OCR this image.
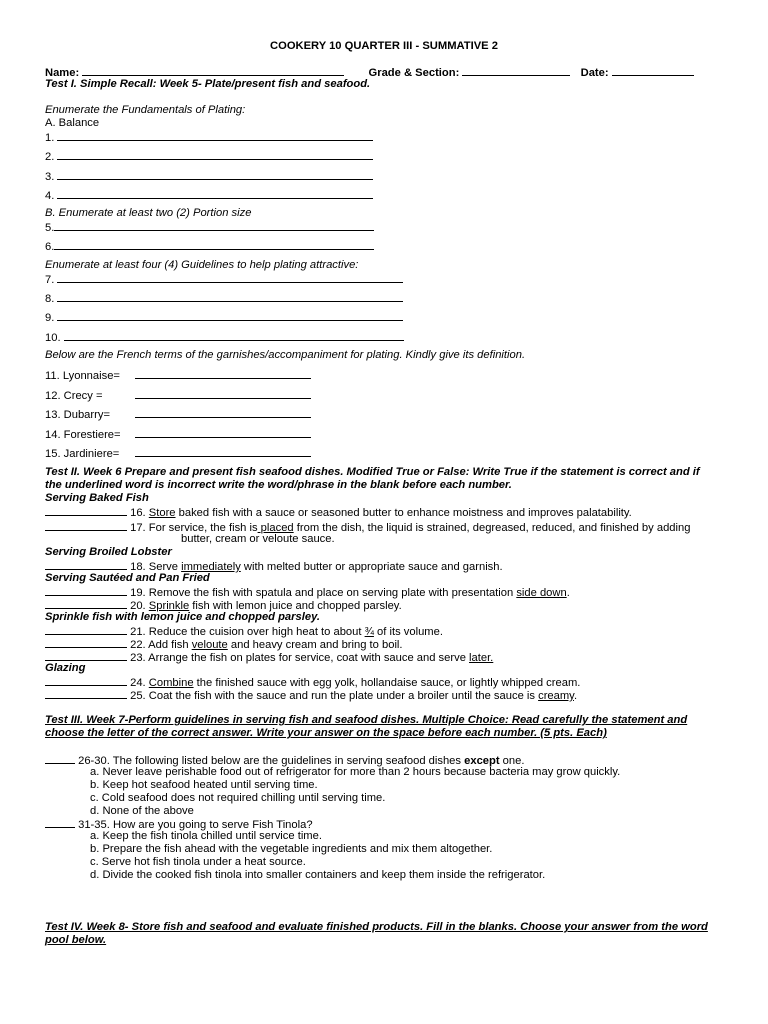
COOKERY 10 QUARTER III - SUMMATIVE 2
Name:	Grade & Section:	Date:
Test I. Simple Recall: Week 5- Plate/present fish and seafood.
Enumerate the Fundamentals of Plating:
A. Balance
1.
2.
3.
4.
B. Enumerate at least two (2) Portion size
5.
6.
Enumerate at least four (4) Guidelines to help plating attractive:
7.
8.
9.
10.
Below are the French terms of the garnishes/accompaniment for plating. Kindly give its definition.
11. Lyonnaise=
12. Crecy =
13. Dubarry=
14. Forestiere=
15. Jardiniere=
Test II. Week 6 Prepare and present fish seafood dishes. Modified True or False: Write True if the statement is correct and if
the underlined word is incorrect write the word/phrase in the blank before each number.
Serving Baked Fish
16. Store baked fish with a sauce or seasoned butter to enhance moistness and improves palatability.
17. For service, the fish is placed from the dish, the liquid is strained, degreased, reduced, and finished by adding
butter, cream or veloute sauce.
Serving Broiled Lobster
18. Serve immediately with melted butter or appropriate sauce and garnish.
Serving Sautéed and Pan Fried
19. Remove the fish with spatula and place on serving plate with presentation side down.
20. Sprinkle fish with lemon juice and chopped parsley.
Sprinkle fish with lemon juice and chopped parsley.
21. Reduce the cuision over high heat to about ¾ of its volume.
22. Add fish veloute and heavy cream and bring to boil.
23. Arrange the fish on plates for service, coat with sauce and serve later.
Glazing
24. Combine the finished sauce with egg yolk, hollandaise sauce, or lightly whipped cream.
25. Coat the fish with the sauce and run the plate under a broiler until the sauce is creamy.
Test III. Week 7-Perform guidelines in serving fish and seafood dishes. Multiple Choice: Read carefully the statement and
choose the letter of the correct answer. Write your answer on the space before each number. (5 pts. Each)
26-30. The following listed below are the guidelines in serving seafood dishes except one.
a. Never leave perishable food out of refrigerator for more than 2 hours because bacteria may grow quickly.
b. Keep hot seafood heated until serving time.
c. Cold seafood does not required chilling until serving time.
d. None of the above
31-35. How are you going to serve Fish Tinola?
a. Keep the fish tinola chilled until service time.
b. Prepare the fish ahead with the vegetable ingredients and mix them altogether.
c. Serve hot fish tinola under a heat source.
d. Divide the cooked fish tinola into smaller containers and keep them inside the refrigerator.
Test IV. Week 8- Store fish and seafood and evaluate finished products. Fill in the blanks. Choose your answer from the word
pool below.
